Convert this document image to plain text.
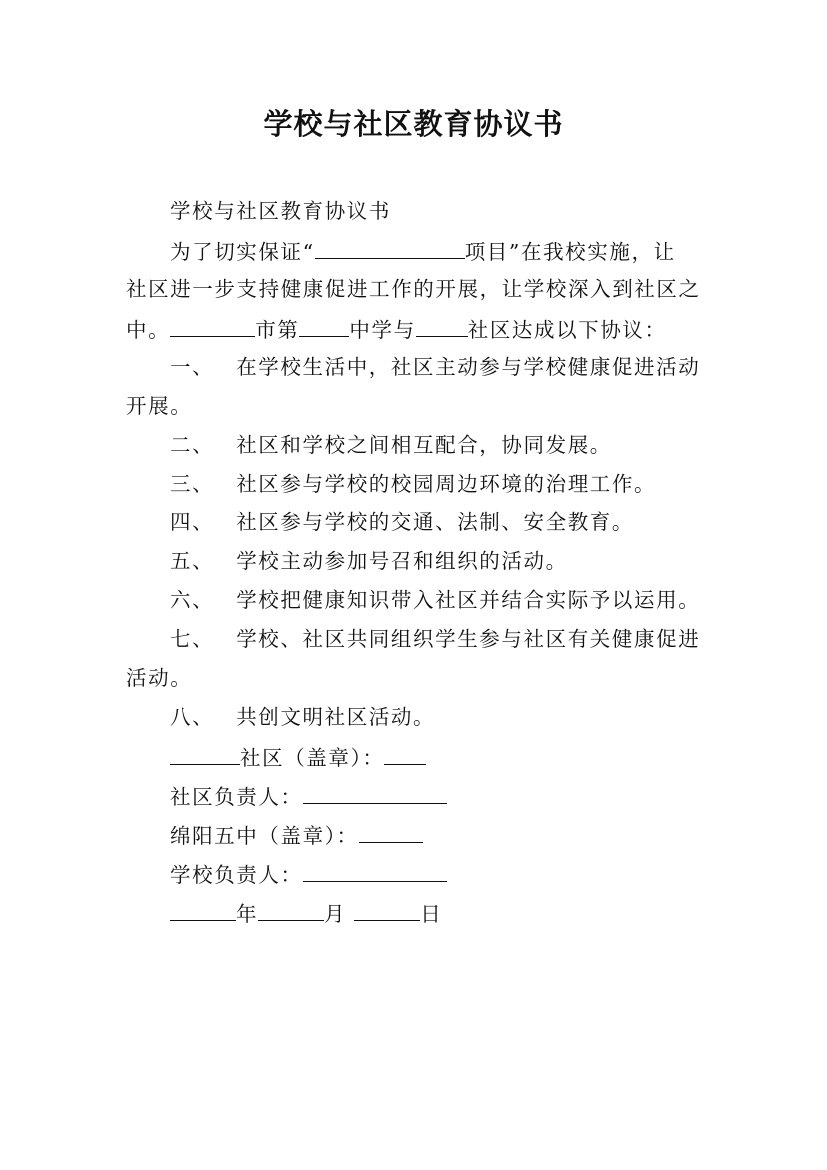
学校与社区教育协议书

学校与社区教育协议书

为了切实保证“	项目”在我校实施，让

社区进一步支持健康促进工作的开展，让学校深入到社区之

中。	市第 中学与	社区达成以下协议：

一、 在学校生活中，社区主动参与学校健康促进活动

开展。

二、 社区和学校之间相互配合，协同发展。

三、 社区参与学校的校园周边环境的治理工作。

四、 社区参与学校的交通、法制、安全教育。

五、 学校主动参加号召和组织的活动。

六、 学校把健康知识带入社区并结合实际予以运用。

七、 学校、社区共同组织学生参与社区有关健康促进

活动。

八、 共创文明社区活动。

社区（盖章）：

社区负责人：

绵阳五中（盖章）：

学校负责人：

年	月	日
